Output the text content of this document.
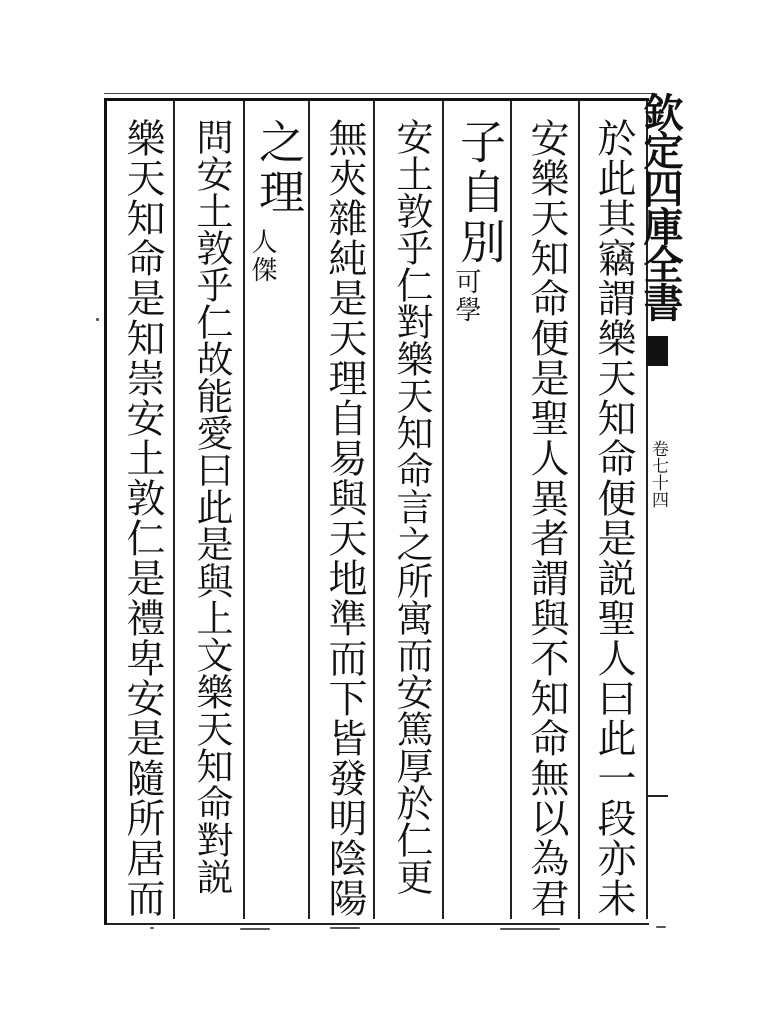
於此其竊謂樂天知命便是説聖人曰此一段亦未
安樂天知命便是聖人異者謂與不知命無以為君
子自別
可學
安土敦乎仁對樂天知命言之所寓而安篤厚於仁更
無夾雜純是天理自易與天地準而下皆發明陰陽
之理
人傑
問安土敦乎仁故能愛曰此是與上文樂天知命對説
樂天知命是知崇安土敦仁是禮卑安是隨所居而	欽定四庫全書
卷七十四
